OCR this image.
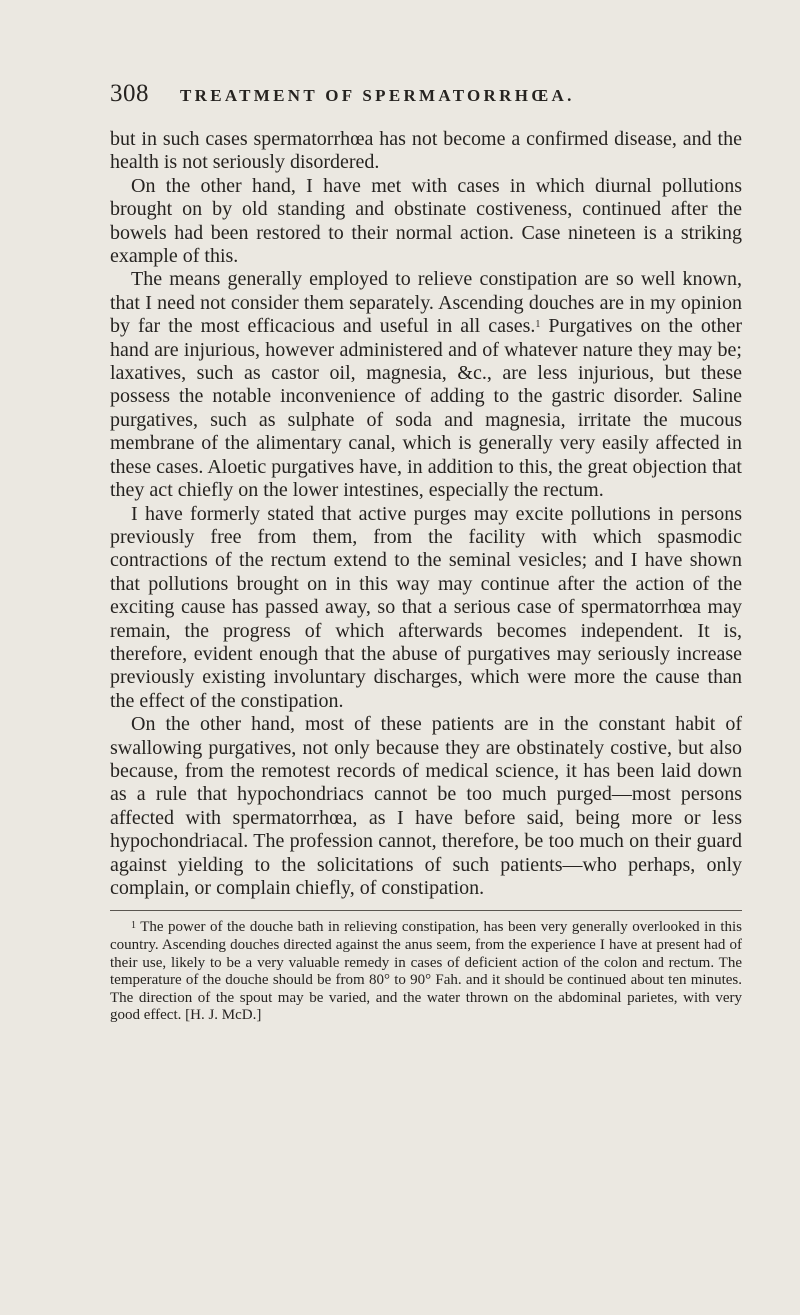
308	TREATMENT OF SPERMATORRHŒA.

but in such cases spermatorrhœa has not become a confirmed disease, and the health is not seriously disordered.

On the other hand, I have met with cases in which diurnal pollutions brought on by old standing and obstinate costiveness, continued after the bowels had been restored to their normal action. Case nineteen is a striking example of this.

The means generally employed to relieve constipation are so well known, that I need not consider them separately. Ascending douches are in my opinion by far the most efficacious and useful in all cases.$^1$ Purgatives on the other hand are injurious, however administered and of whatever nature they may be; laxatives, such as castor oil, magnesia, &c., are less injurious, but these possess the notable inconvenience of adding to the gastric disorder. Saline purgatives, such as sulphate of soda and magnesia, irritate the mucous membrane of the alimentary canal, which is generally very easily affected in these cases. Aloetic purgatives have, in addition to this, the great objection that they act chiefly on the lower intestines, especially the rectum.

I have formerly stated that active purges may excite pollutions in persons previously free from them, from the facility with which spasmodic contractions of the rectum extend to the seminal vesicles; and I have shown that pollutions brought on in this way may continue after the action of the exciting cause has passed away, so that a serious case of spermatorrhœa may remain, the progress of which afterwards becomes independent. It is, therefore, evident enough that the abuse of purgatives may seriously increase previously existing involuntary discharges, which were more the cause than the effect of the constipation.

On the other hand, most of these patients are in the constant habit of swallowing purgatives, not only because they are obstinately costive, but also because, from the remotest records of medical science, it has been laid down as a rule that hypochondriacs cannot be too much purged—most persons affected with spermatorrhœa, as I have before said, being more or less hypochondriacal. The profession cannot, therefore, be too much on their guard against yielding to the solicitations of such patients—who perhaps, only complain, or complain chiefly, of constipation.

$^1$ The power of the douche bath in relieving constipation, has been very generally overlooked in this country. Ascending douches directed against the anus seem, from the experience I have at present had of their use, likely to be a very valuable remedy in cases of deficient action of the colon and rectum. The temperature of the douche should be from 80° to 90° Fah. and it should be continued about ten minutes. The direction of the spout may be varied, and the water thrown on the abdominal parietes, with very good effect. [H. J. McD.]
